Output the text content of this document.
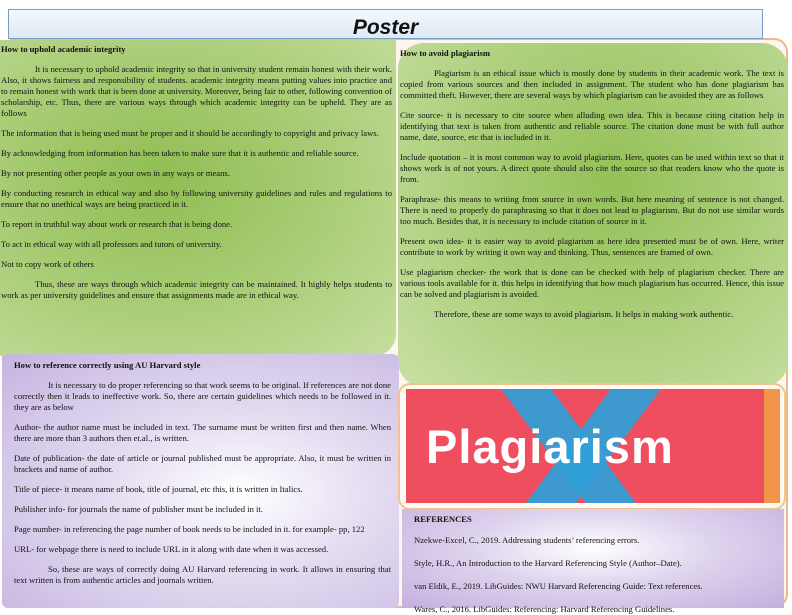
Poster
How to uphold academic integrity

It is necessary to uphold academic integrity so that in university student remain honest with their work. Also, it shows fairness and responsibility of students. academic integrity means putting values into practice and to remain honest with work that is been done at university. Moreover, being fair to other, following convention of scholarship, etc. Thus, there are various ways through which academic integrity can be upheld. They are as follows

The information that is being used must be proper and it should be accordingly to copyright and privacy laws.

By acknowledging from information has been taken to make sure that it is authentic and reliable source.

By not presenting other people as your own in any ways or means.

By conducting research in ethical way and also by following university guidelines and rules and regulations to ensure that no unethical ways are being practiced in it.

To report in truthful way about work or research that is being done.

To act in ethical way with all professors and tutors of university.

Not to copy work of others

Thus, these are ways through which academic integrity can be maintained. It highly helps students to work as per university guidelines and ensure that assignments made are in ethical way.

How to avoid plagiarism

Plagiarism is an ethical issue which is mostly done by students in their academic work. The text is copied from various sources and then included in assignment. The student who has done plagiarism has committed theft. However, there are several ways by which plagiarism can be avoided they are as follows

Cite source- it is necessary to cite source when alluding own idea. This is because citing citation help in identifying that text is taken from authentic and reliable source. The citation done must be with full author name, date, source, etc that is included in it.

Include quotation – it is most common way to avoid plagiarism. Here, quotes can be used within text so that it shows work is of not yours. A direct quote should also cite the source so that readers know who the quote is from.

Paraphrase- this means to writing from source in own words. But here meaning of sentence is not changed. There is need to properly do paraphrasing so that it does not lead to plagiarism. But do not use similar words too much. Besides that, it is necessary to include citation of source in it.

Present own idea- it is easier way to avoid plagiarism as here idea presented must be of own. Here, writer contribute to work by writing it own way and thinking. Thus, sentences are framed of own.

Use plagiarism checker- the work that is done can be checked with help of plagiarism checker. There are various tools available for it. this helps in identifying that how much plagiarism has occurred. Hence, this issue can be solved and plagiarism is avoided.

Therefore, these are some ways to avoid plagiarism. It helps in making work authentic.

How to reference correctly using AU Harvard style

It is necessary to do proper referencing so that work seems to be original. If references are not done correctly then it leads to ineffective work. So, there are certain guidelines which needs to be followed in it. they are as below

Author- the author name must be included in text. The surname must be written first and then name. When there are more than 3 authors then et.al., is written.

Date of publication- the date of article or journal published must be appropriate. Also, it must be written in brackets and name of author.

Title of piece- it means name of book, title of journal, etc this, it is written in Italics.

Publisher info- for journals the name of publisher must be included in it.

Page number- in referencing the page number of book needs to be included in it. for example- pp, 122

URL- for webpage there is need to include URL in it along with date when it was accessed.

So, these are ways of correctly doing AU Harvard referencing in work. It allows in ensuring that text written is from authentic articles and journals written.

Plagiarism
REFERENCES

Nzekwe-Excel, C., 2019. Addressing students’ referencing errors.

Style, H.R., An Introduction to the Harvard Referencing Style (Author–Date).

van Eldik, E., 2019. LibGuides: NWU Harvard Referencing Guide: Text references.

Wares, C., 2016. LibGuides: Referencing: Harvard Referencing Guidelines.
